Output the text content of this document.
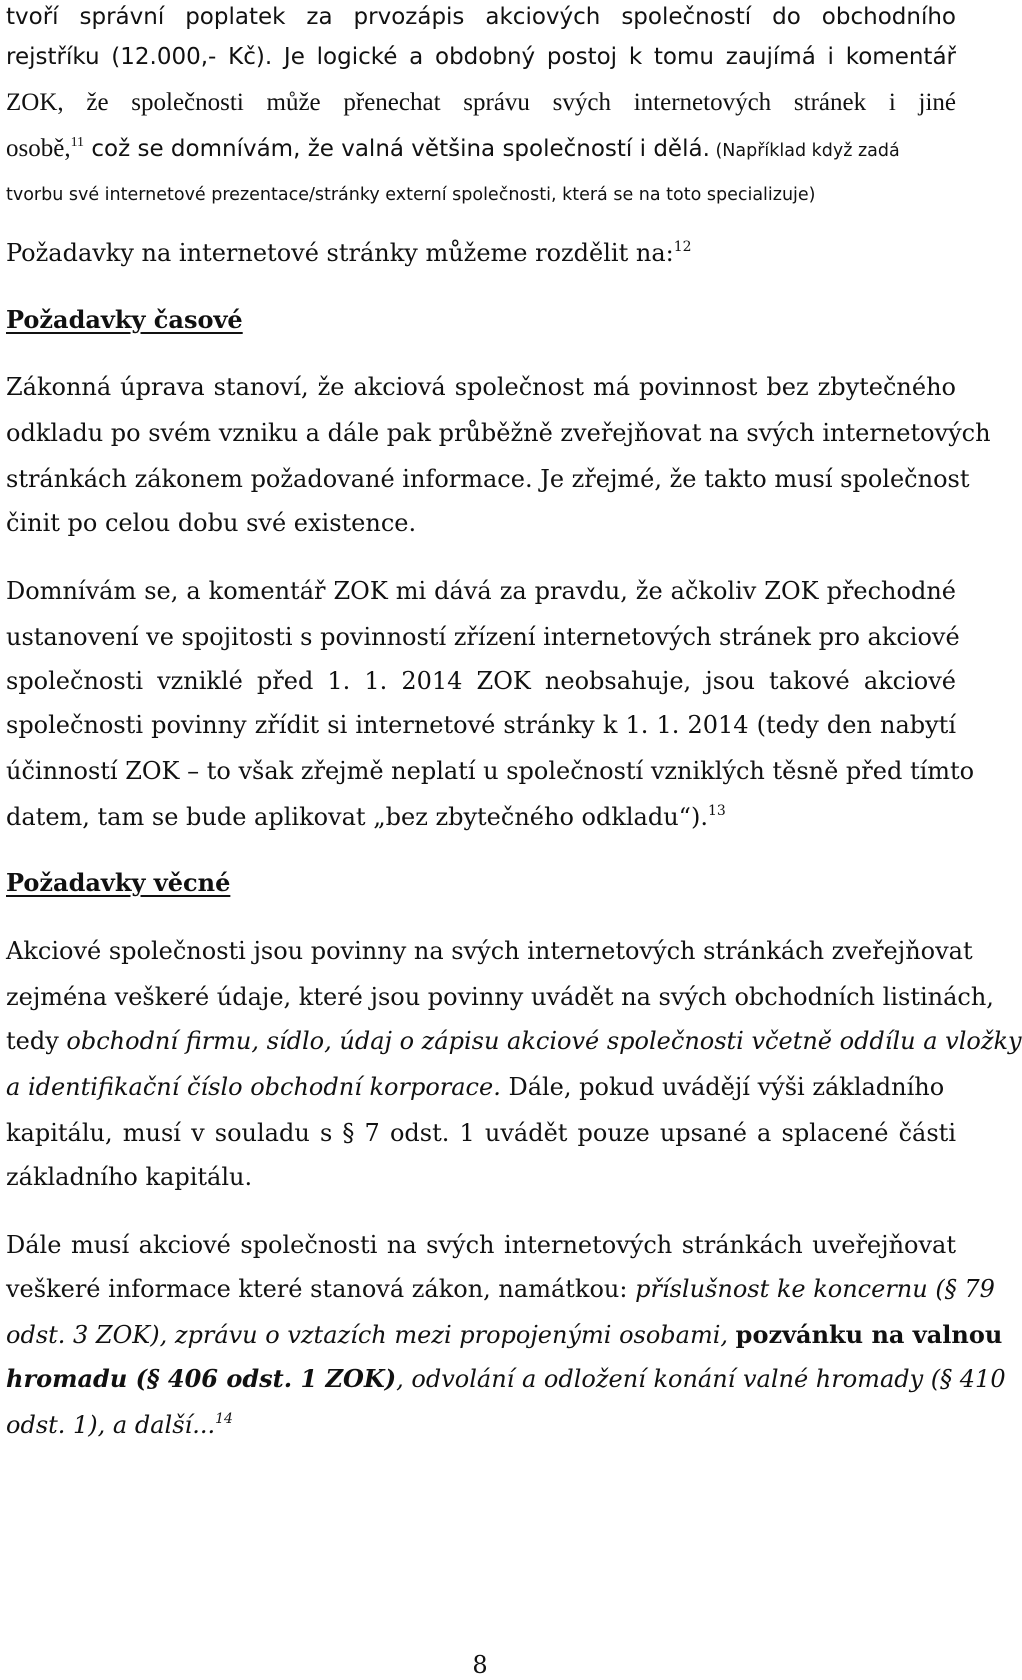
tvoří správní poplatek za prvozápis akciových společností do obchodního
rejstříku (12.000,- Kč). Je logické a obdobný postoj k tomu zaujímá i komentář
ZOK, že společnosti může přenechat správu svých internetových stránek i jiné
osobě,$^{11}$ což se domnívám, že valná většina společností i dělá. (Například když zadá
tvorbu své internetové prezentace/stránky externí společnosti, která se na toto specializuje)
Požadavky na internetové stránky můžeme rozdělit na:$^{12}$
Požadavky časové
Zákonná úprava stanoví, že akciová společnost má povinnost bez zbytečného
odkladu po svém vzniku a dále pak průběžně zveřejňovat na svých internetových
stránkách zákonem požadované informace. Je zřejmé, že takto musí společnost
činit po celou dobu své existence.
Domnívám se, a komentář ZOK mi dává za pravdu, že ačkoliv ZOK přechodné
ustanovení ve spojitosti s povinností zřízení internetových stránek pro akciové
společnosti vzniklé před 1. 1. 2014 ZOK neobsahuje, jsou takové akciové
společnosti povinny zřídit si internetové stránky k 1. 1. 2014 (tedy den nabytí
účinností ZOK – to však zřejmě neplatí u společností vzniklých těsně před tímto
datem, tam se bude aplikovat „bez zbytečného odkladu“).$^{13}$
Požadavky věcné
Akciové společnosti jsou povinny na svých internetových stránkách zveřejňovat
zejména veškeré údaje, které jsou povinny uvádět na svých obchodních listinách,
tedy obchodní firmu, sídlo, údaj o zápisu akciové společnosti včetně oddílu a vložky
a identifikační číslo obchodní korporace. Dále, pokud uvádějí výši základního
kapitálu, musí v souladu s § 7 odst. 1 uvádět pouze upsané a splacené části
základního kapitálu.
Dále musí akciové společnosti na svých internetových stránkách uveřejňovat
veškeré informace které stanová zákon, namátkou: příslušnost ke koncernu (§ 79
odst. 3 ZOK), zprávu o vztazích mezi propojenými osobami, pozvánku na valnou
hromadu (§ 406 odst. 1 ZOK), odvolání a odložení konání valné hromady (§ 410
odst. 1), a další...$^{14}$
8
